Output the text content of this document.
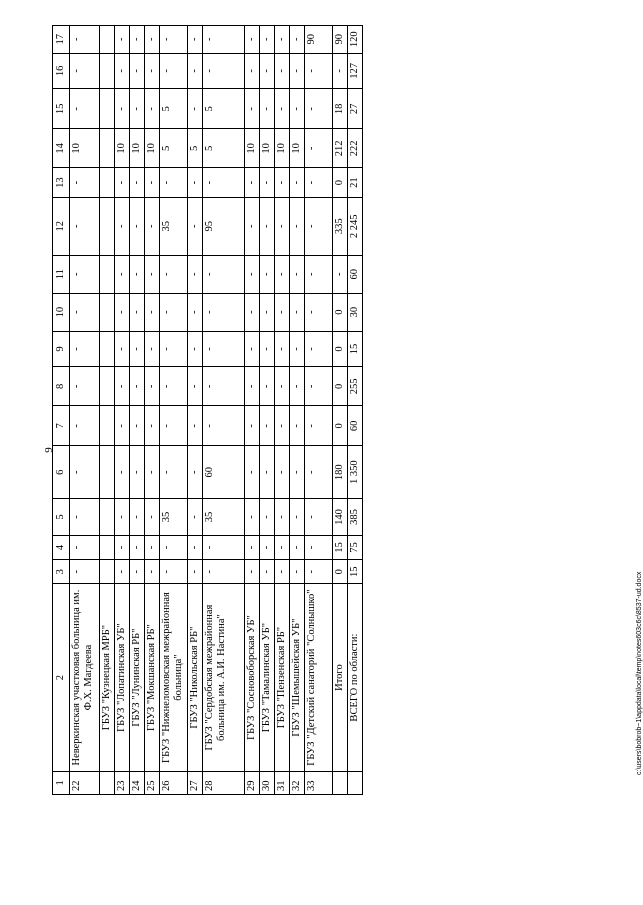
9
1	2	3	4	5	6	7	8	9	10	11	12	13	14	15	16	17
22	Неверкинская участковая больница им. Ф.Х. Магдеева	-	-	-	-	-	-	-	-	-	-	-	10	-	-	-
	ГБУЗ "Кузнецкая МРБ"															
23	ГБУЗ "Лопатинская УБ"	-	-	-	-	-	-	-	-	-	-	-	10	-	-	-
24	ГБУЗ "Лунинская РБ"	-	-	-	-	-	-	-	-	-	-	-	10	-	-	-
25	ГБУЗ "Мокшанская РБ"	-	-	-	-	-	-	-	-	-	-	-	10	-	-	-
26	ГБУЗ "Нижнеломовская межрайонная больница"	-	-	35	-	-	-	-	-	-	35	-	5	5	-	-
27	ГБУЗ "Никольская РБ"	-	-	-	-	-	-	-	-	-	-	-	5	-	-	-
28	ГБУЗ "Сердобская межрайонная больница им. А.И. Настина"	-	-	35	60	-	-	-	-	-	95	-	5	5	-	-
29	ГБУЗ "Сосновоборская УБ"	-	-	-	-	-	-	-	-	-	-	-	10	-	-	-
30	ГБУЗ "Тамалинская УБ"	-	-	-	-	-	-	-	-	-	-	-	10	-	-	-
31	ГБУЗ "Пензенская РБ"	-	-	-	-	-	-	-	-	-	-	-	10	-	-	-
32	ГБУЗ "Шемышейская УБ"	-	-	-	-	-	-	-	-	-	-	-	10	-	-	-
33	ГБУЗ "Детский санаторий "Солнышко"	-	-	-	-	-	-	-	-	-	-	-	-	-	-	90
	Итого	0	15	140	180	0	0	0	0	-	335	0	212	18	-	90
	ВСЕГО по области:	15	75	385	1 350	60	255	15	30	60	2 245	21	222	27	127	120
c:\users\bobrob~1\appdata\local\temp\notes603c6c\8537-ud.docx
